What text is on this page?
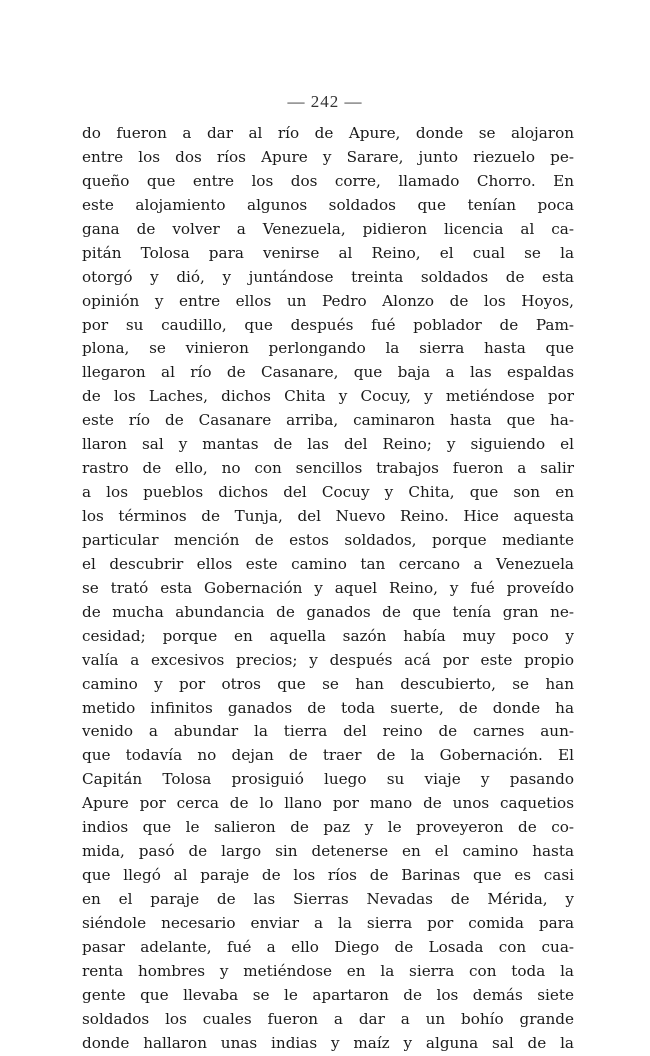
— 242 —
do fueron a dar al río de Apure, donde se alojaron
entre los dos ríos Apure y Sarare, junto riezuelo pe-
queño que entre los dos corre, llamado Chorro. En
este alojamiento algunos soldados que tenían poca
gana de volver a Venezuela, pidieron licencia al ca-
pitán Tolosa para venirse al Reino, el cual se la
otorgó y dió, y juntándose treinta soldados de esta
opinión y entre ellos un Pedro Alonzo de los Hoyos,
por su caudillo, que después fué poblador de Pam-
plona, se vinieron perlongando la sierra hasta que
llegaron al río de Casanare, que baja a las espaldas
de los Laches, dichos Chita y Cocuy, y metiéndose por
este río de Casanare arriba, caminaron hasta que ha-
llaron sal y mantas de las del Reino; y siguiendo el
rastro de ello, no con sencillos trabajos fueron a salir
a los pueblos dichos del Cocuy y Chita, que son en
los términos de Tunja, del Nuevo Reino. Hice aquesta
particular mención de estos soldados, porque mediante
el descubrir ellos este camino tan cercano a Venezuela
se trató esta Gobernación y aquel Reino, y fué proveído
de mucha abundancia de ganados de que tenía gran ne-
cesidad; porque en aquella sazón había muy poco y
valía a excesivos precios; y después acá por este propio
camino y por otros que se han descubierto, se han
metido infinitos ganados de toda suerte, de donde ha
venido a abundar la tierra del reino de carnes aun-
que todavía no dejan de traer de la Gobernación. El
Capitán Tolosa prosiguió luego su viaje y pasando
Apure por cerca de lo llano por mano de unos caquetios
indios que le salieron de paz y le proveyeron de co-
mida, pasó de largo sin detenerse en el camino hasta
que llegó al paraje de los ríos de Barinas que es casi
en el paraje de las Sierras Nevadas de Mérida, y
siéndole necesario enviar a la sierra por comida para
pasar adelante, fué a ello Diego de Losada con cua-
renta hombres y metiéndose en la sierra con toda la
gente que llevaba se le apartaron de los demás siete
soldados los cuales fueron a dar a un bohío grande
donde hallaron unas indias y maíz y alguna sal de la
